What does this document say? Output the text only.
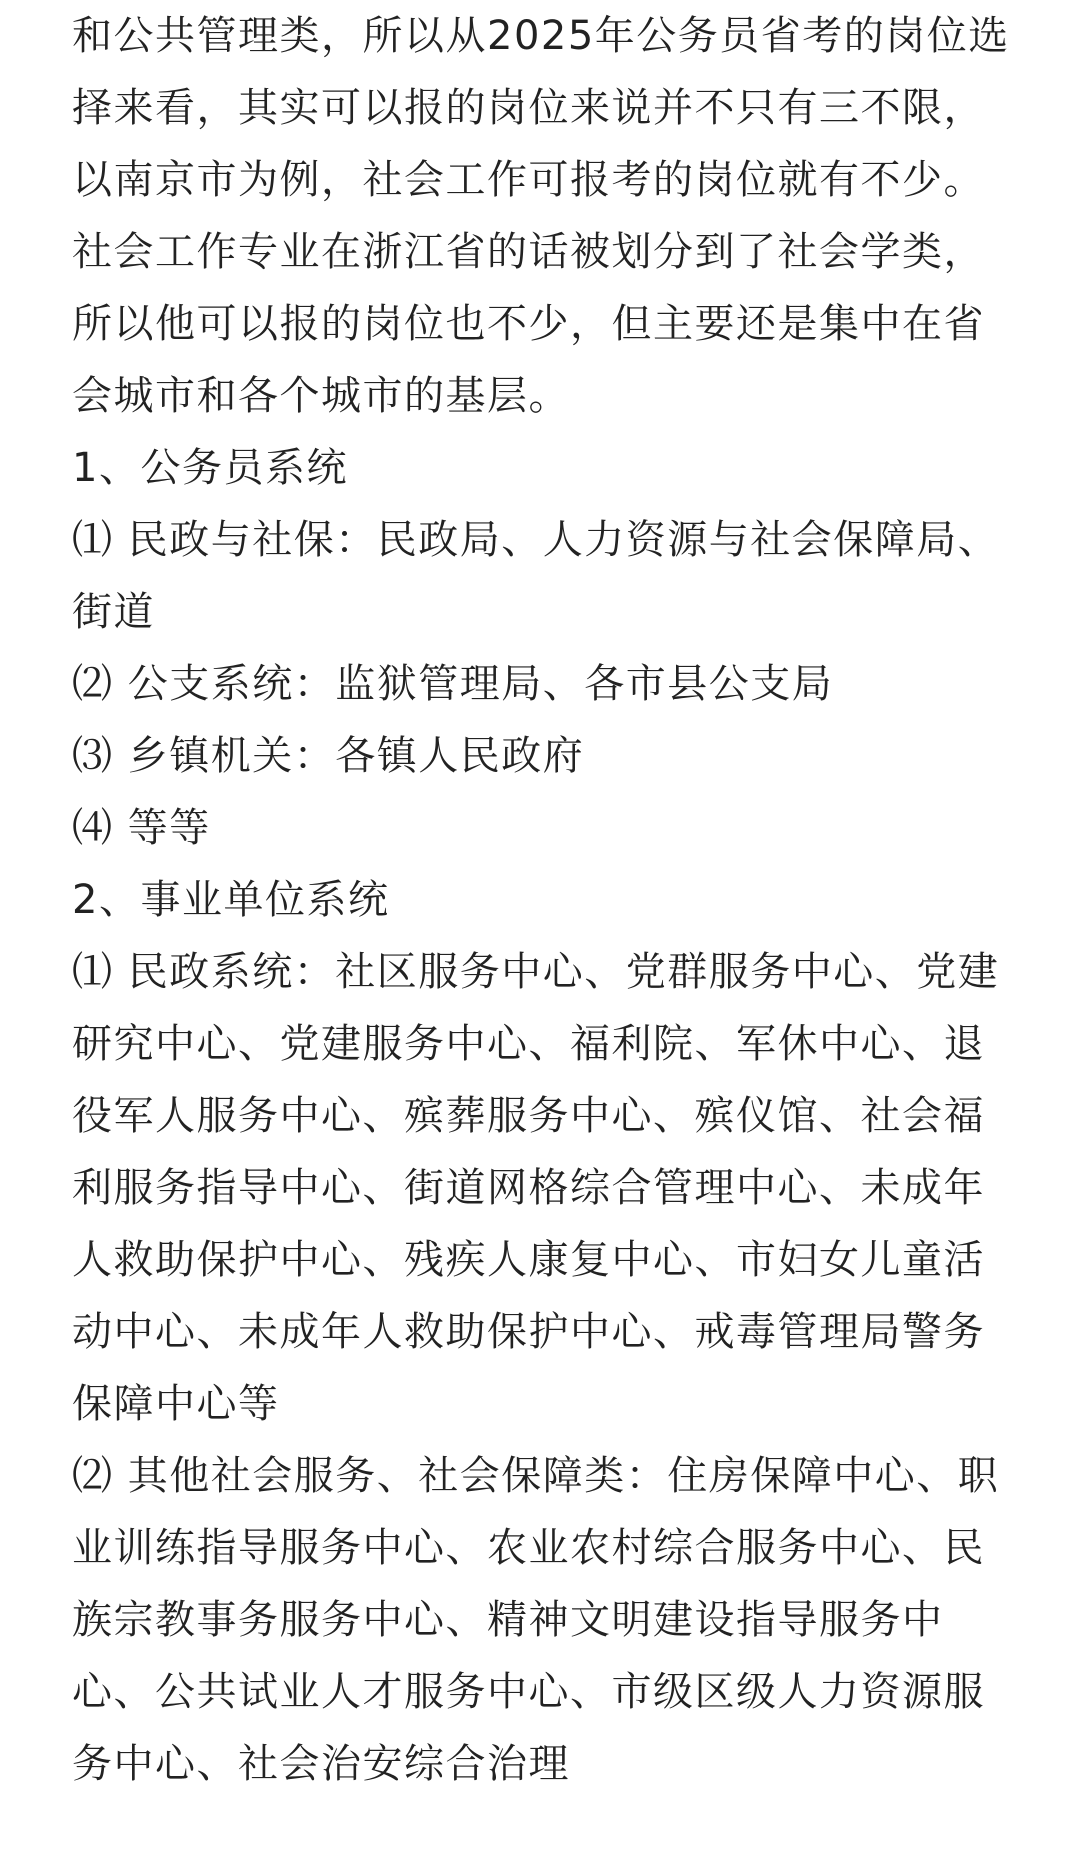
和公共管理类，所以从2025年公务员省考的岗位选择来看，其实可以报的岗位来说并不只有三不限，以南京市为例，社会工作可报考的岗位就有不少。社会工作专业在浙江省的话被划分到了社会学类，所以他可以报的岗位也不少，但主要还是集中在省会城市和各个城市的基层。

1、公务员系统

⑴ 民政与社保：民政局、人力资源与社会保障局、街道

⑵ 公支系统：监狱管理局、各市县公支局

⑶ 乡镇机关：各镇人民政府

⑷ 等等

2、事业单位系统

⑴ 民政系统：社区服务中心、党群服务中心、党建研究中心、党建服务中心、福利院、军休中心、退役军人服务中心、殡葬服务中心、殡仪馆、社会福利服务指导中心、街道网格综合管理中心、未成年人救助保护中心、残疾人康复中心、市妇女儿童活动中心、未成年人救助保护中心、戒毒管理局警务保障中心等

⑵ 其他社会服务、社会保障类：住房保障中心、职业训练指导服务中心、农业农村综合服务中心、民族宗教事务服务中心、精神文明建设指导服务中心、公共试业人才服务中心、市级区级人力资源服务中心、社会治安综合治理
